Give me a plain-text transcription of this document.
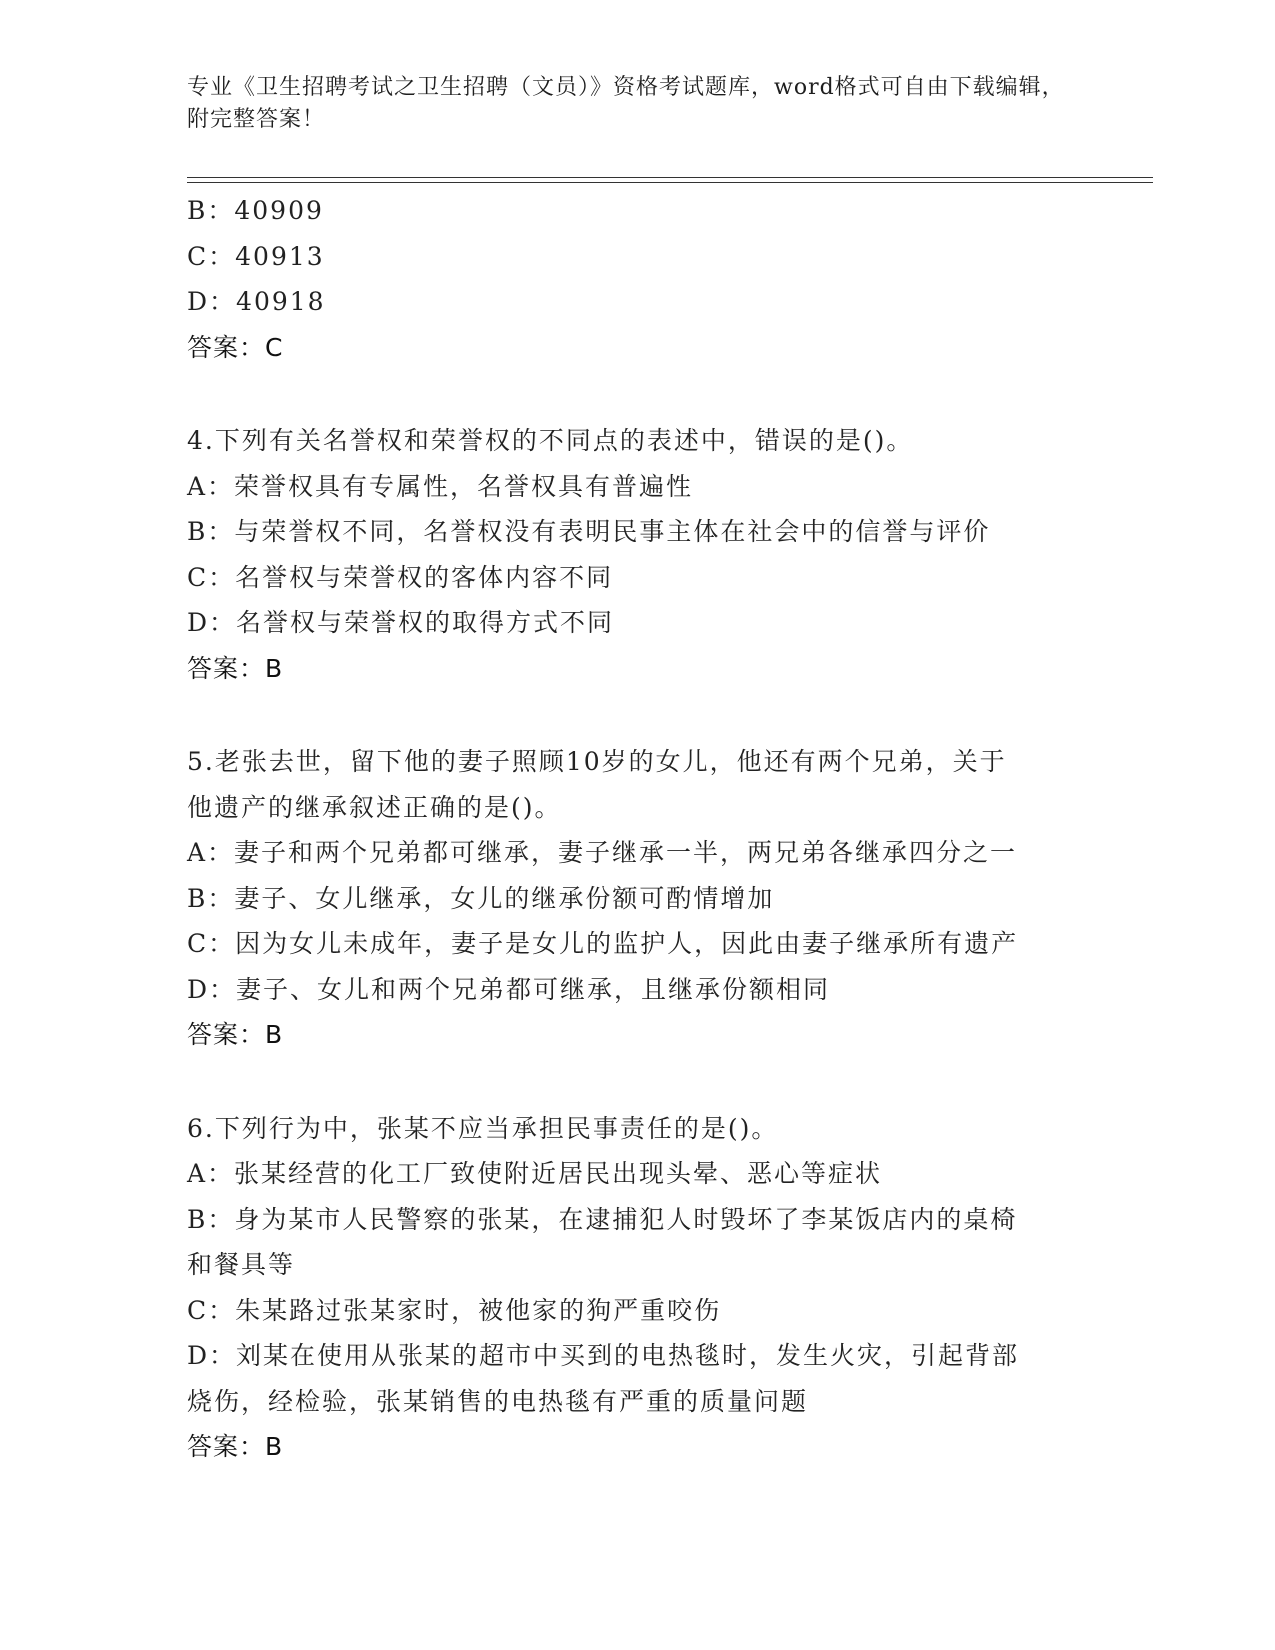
专业《卫生招聘考试之卫生招聘（文员）》资格考试题库，word格式可自由下载编辑，附完整答案！
B：40909
C：40913
D：40918
答案：C
4.下列有关名誉权和荣誉权的不同点的表述中，错误的是()。
A：荣誉权具有专属性，名誉权具有普遍性
B：与荣誉权不同，名誉权没有表明民事主体在社会中的信誉与评价
C：名誉权与荣誉权的客体内容不同
D：名誉权与荣誉权的取得方式不同
答案：B
5.老张去世，留下他的妻子照顾10岁的女儿，他还有两个兄弟，关于
他遗产的继承叙述正确的是()。
A：妻子和两个兄弟都可继承，妻子继承一半，两兄弟各继承四分之一
B：妻子、女儿继承，女儿的继承份额可酌情增加
C：因为女儿未成年，妻子是女儿的监护人，因此由妻子继承所有遗产
D：妻子、女儿和两个兄弟都可继承，且继承份额相同
答案：B
6.下列行为中，张某不应当承担民事责任的是()。
A：张某经营的化工厂致使附近居民出现头晕、恶心等症状
B：身为某市人民警察的张某，在逮捕犯人时毁坏了李某饭店内的桌椅
和餐具等
C：朱某路过张某家时，被他家的狗严重咬伤
D：刘某在使用从张某的超市中买到的电热毯时，发生火灾，引起背部
烧伤，经检验，张某销售的电热毯有严重的质量问题
答案：B
